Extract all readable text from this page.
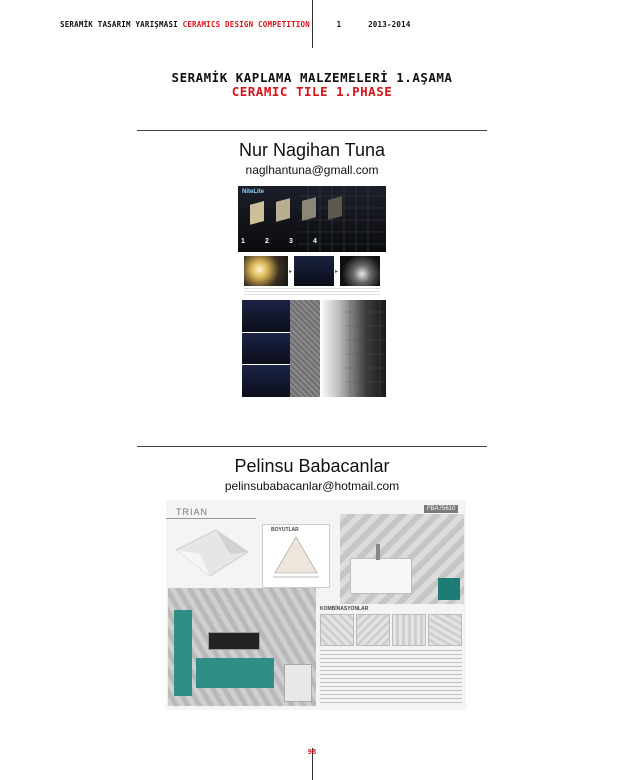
SERAMİK TASARIM YARIŞMASI CERAMICS DESIGN COMPETITION	1	2013-2014
SERAMİK KAPLAMA MALZEMELERİ 1.AŞAMA
CERAMIC TILE 1.PHASE
Nur Nagihan Tuna
naglhantuna@gmall.com
NiteLite
1	2	3	4
▸	▸
Pelinsu Babacanlar
pelinsubabacanlar@hotmail.com
TRIAN
BOYUTLAR
FBA75610
KOMBİNASYONLAR
98
